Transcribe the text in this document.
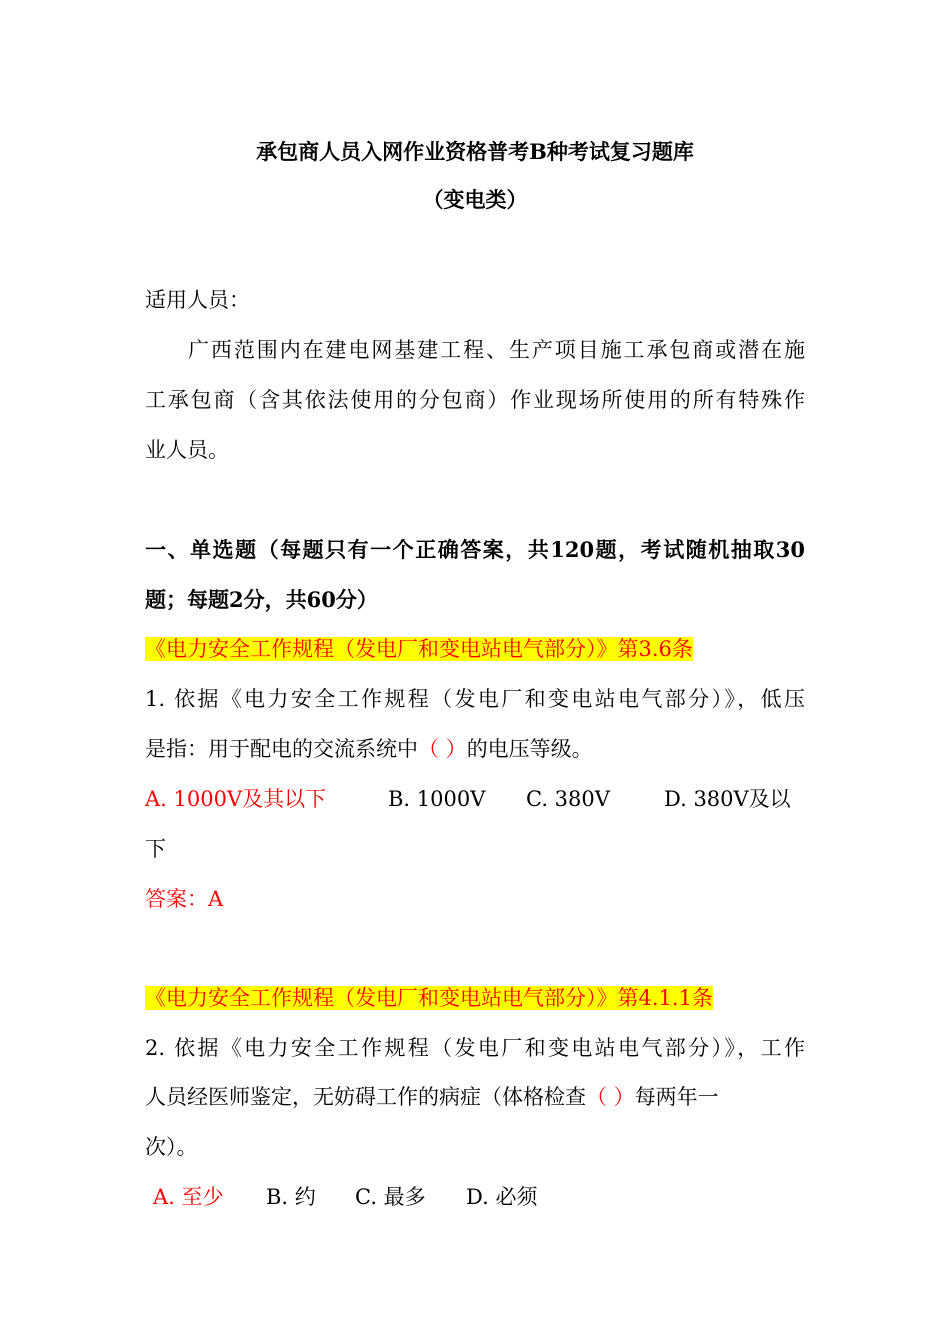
承包商人员入网作业资格普考B种考试复习题库
（变电类）
适用人员：
广西范围内在建电网基建工程、生产项目施工承包商或潜在施
工承包商（含其依法使用的分包商）作业现场所使用的所有特殊作
业人员。
一、单选题（每题只有一个正确答案，共120题，考试随机抽取30
题；每题2分，共60分）
《电力安全工作规程（发电厂和变电站电气部分）》第3.6条
1. 依据《电力安全工作规程（发电厂和变电站电气部分）》，低压
是指：用于配电的交流系统中（ ）的电压等级。
A. 1000V及其以下	B. 1000V C. 380V	D. 380V及以
下
答案：A
《电力安全工作规程（发电厂和变电站电气部分）》第4.1.1条
2. 依据《电力安全工作规程（发电厂和变电站电气部分）》，工作
人员经医师鉴定，无妨碍工作的病症（体格检查（ ）每两年一
次）。
A. 至少 B. 约 C. 最多 D. 必须
